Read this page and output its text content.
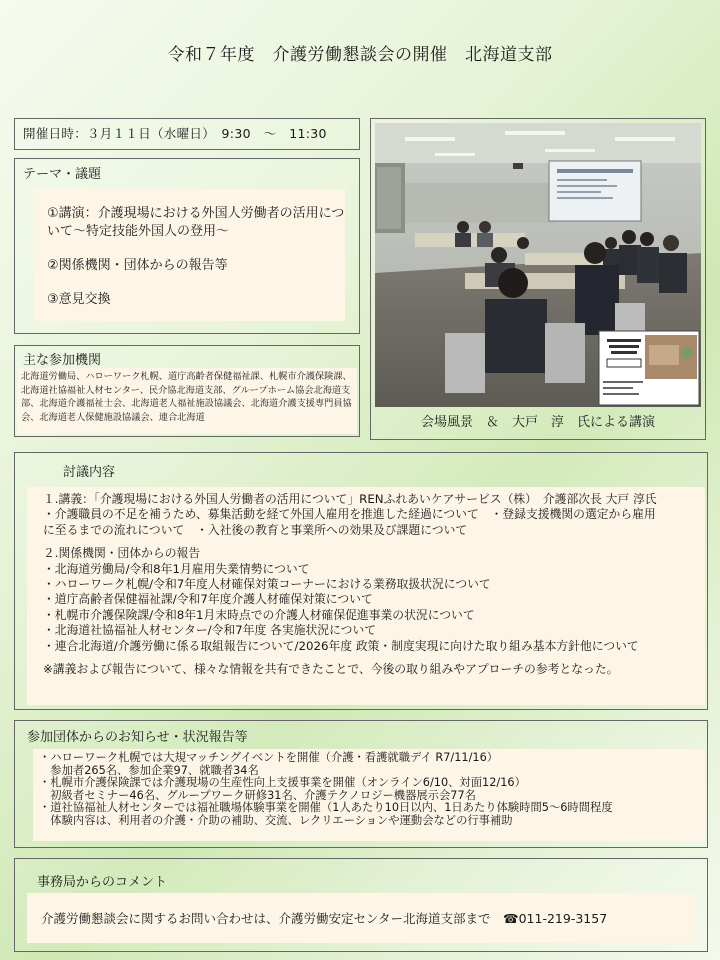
令和７年度　介護労働懇談会の開催　北海道支部
開催日時：３月１１日（水曜日）　9:30　～　11:30
テーマ・議題

①講演：介護現場における外国人労働者の活用について～特定技能外国人の登用～

②関係機関・団体からの報告等

③意見交換

主な参加機関
北海道労働局、ハローワーク札幌、道庁高齢者保健福祉課、札幌市介護保険課、北海道社協福祉人材センター、民介協北海道支部、グループホーム協会北海道支部、北海道介護福祉士会、北海道老人福祉施設協議会、北海道介護支援専門員協会、北海道老人保健施設協議会、連合北海道	会場風景　＆　大戸　淳　氏による講演
討議内容
１.講義：「介護現場における外国人労働者の活用について」RENふれあいケアサービス（株）　介護部次長 大戸 淳氏
・介護職員の不足を補うため、募集活動を経て外国人雇用を推進した経過について　・登録支援機関の選定から雇用
に至るまでの流れについて　・入社後の教育と事業所への効果及び課題について
２.関係機関・団体からの報告
・北海道労働局/令和8年1月雇用失業情勢について
・ハローワーク札幌/令和7年度人材確保対策コーナーにおける業務取扱状況について
・道庁高齢者保健福祉課/令和7年度介護人材確保対策について
・札幌市介護保険課/令和8年1月末時点での介護人材確保促進事業の状況について
・北海道社協福祉人材センター/令和7年度 各実施状況について
・連合北海道/介護労働に係る取組報告について/2026年度 政策・制度実現に向けた取り組み基本方針他について
※講義および報告について、様々な情報を共有できたことで、今後の取り組みやアプローチの参考となった。
参加団体からのお知らせ・状況報告等
・ハローワーク札幌では大規マッチングイベントを開催（介護・看護就職デイ R7/11/16）
　参加者265名、参加企業97、就職者34名
・札幌市介護保険課では介護現場の生産性向上支援事業を開催（オンライン6/10、対面12/16）
　初級者セミナー46名、グループワーク研修31名、介護テクノロジー機器展示会77名
・道社協福祉人材センターでは福祉職場体験事業を開催（1人あたり10日以内、1日あたり体験時間5～6時間程度
　体験内容は、利用者の介護・介助の補助、交流、レクリエーションや運動会などの行事補助
事務局からのコメント
介護労働懇談会に関するお問い合わせは、介護労働安定センター北海道支部まで　☎011-219-3157
